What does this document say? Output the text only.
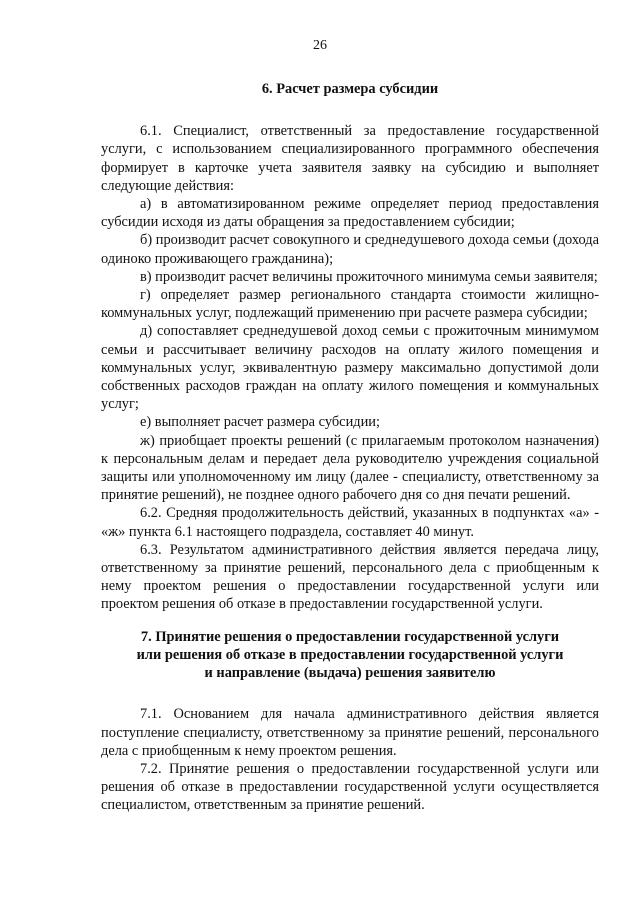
26
6. Расчет размера субсидии

6.1. Специалист, ответственный за предоставление государственной услуги, с использованием специализированного программного обеспечения формирует в карточке учета заявителя заявку на субсидию и выполняет следующие действия:

а) в автоматизированном режиме определяет период предоставления субсидии исходя из даты обращения за предоставлением субсидии;

б) производит расчет совокупного и среднедушевого дохода семьи (дохода одиноко проживающего гражданина);

в) производит расчет величины прожиточного минимума семьи заявителя;

г) определяет размер регионального стандарта стоимости жилищно-коммунальных услуг, подлежащий применению при расчете размера субсидии;

д) сопоставляет среднедушевой доход семьи с прожиточным минимумом семьи и рассчитывает величину расходов на оплату жилого помещения и коммунальных услуг, эквивалентную размеру максимально допустимой доли собственных расходов граждан на оплату жилого помещения и коммунальных услуг;

е) выполняет расчет размера субсидии;

ж) приобщает проекты решений (с прилагаемым протоколом назначения) к персональным делам и передает дела руководителю учреждения социальной защиты или уполномоченному им лицу (далее - специалисту, ответственному за принятие решений), не позднее одного рабочего дня со дня печати решений.

6.2. Средняя продолжительность действий, указанных в подпунктах «а» - «ж» пункта 6.1 настоящего подраздела, составляет 40 минут.

6.3. Результатом административного действия является передача лицу, ответственному за принятие решений, персонального дела с приобщенным к нему проектом решения о предоставлении государственной услуги или проектом решения об отказе в предоставлении государственной услуги.

7. Принятие решения о предоставлении государственной услуги
или решения об отказе в предоставлении государственной услуги
и направление (выдача) решения заявителю

7.1. Основанием для начала административного действия является поступление специалисту, ответственному за принятие решений, персонального дела с приобщенным к нему проектом решения.

7.2. Принятие решения о предоставлении государственной услуги или решения об отказе в предоставлении государственной услуги осуществляется специалистом, ответственным за принятие решений.
